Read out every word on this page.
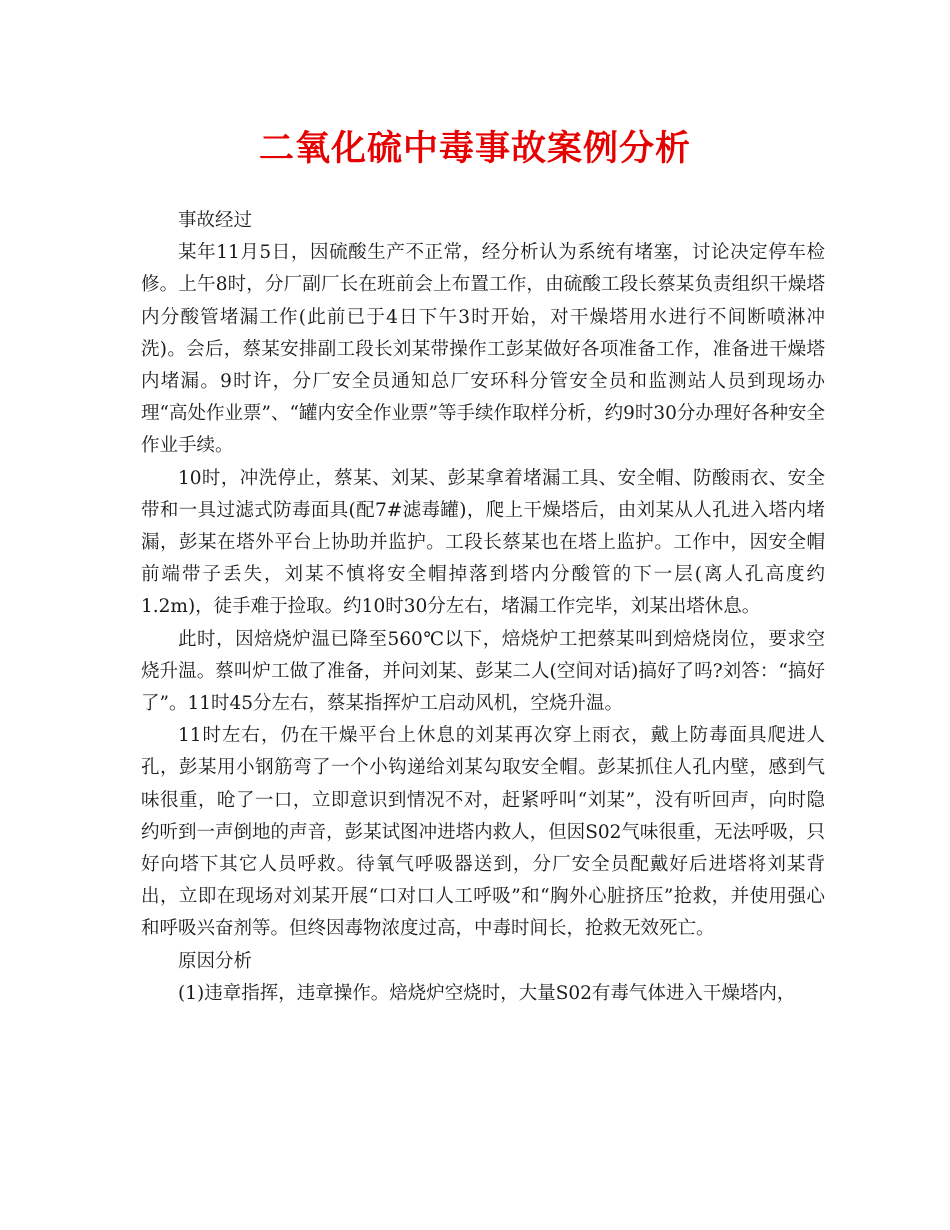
二氧化硫中毒事故案例分析

事故经过

某年11月5日，因硫酸生产不正常，经分析认为系统有堵塞，讨论决定停车检修。上午8时，分厂副厂长在班前会上布置工作，由硫酸工段长蔡某负责组织干燥塔内分酸管堵漏工作(此前已于4日下午3时开始，对干燥塔用水进行不间断喷淋冲洗)。会后，蔡某安排副工段长刘某带操作工彭某做好各项准备工作，准备进干燥塔内堵漏。9时许，分厂安全员通知总厂安环科分管安全员和监测站人员到现场办理“高处作业票”、“罐内安全作业票”等手续作取样分析，约9时30分办理好各种安全作业手续。

10时，冲洗停止，蔡某、刘某、彭某拿着堵漏工具、安全帽、防酸雨衣、安全带和一具过滤式防毒面具(配7#滤毒罐)，爬上干燥塔后，由刘某从人孔进入塔内堵漏，彭某在塔外平台上协助并监护。工段长蔡某也在塔上监护。工作中，因安全帽前端带子丢失，刘某不慎将安全帽掉落到塔内分酸管的下一层(离人孔高度约1.2m)，徒手难于捡取。约10时30分左右，堵漏工作完毕，刘某出塔休息。

此时，因焙烧炉温已降至560℃以下，焙烧炉工把蔡某叫到焙烧岗位，要求空烧升温。蔡叫炉工做了准备，并问刘某、彭某二人(空间对话)搞好了吗?刘答：“搞好了”。11时45分左右，蔡某指挥炉工启动风机，空烧升温。

11时左右，仍在干燥平台上休息的刘某再次穿上雨衣，戴上防毒面具爬进人孔，彭某用小钢筋弯了一个小钩递给刘某勾取安全帽。彭某抓住人孔内壁，感到气味很重，呛了一口，立即意识到情况不对，赶紧呼叫“刘某”，没有听回声，向时隐约听到一声倒地的声音，彭某试图冲进塔内救人，但因S02气味很重，无法呼吸，只好向塔下其它人员呼救。待氧气呼吸器送到，分厂安全员配戴好后进塔将刘某背出，立即在现场对刘某开展“口对口人工呼吸”和“胸外心脏挤压”抢救，并使用强心和呼吸兴奋剂等。但终因毒物浓度过高，中毒时间长，抢救无效死亡。

原因分析

(1)违章指挥，违章操作。焙烧炉空烧时，大量S02有毒气体进入干燥塔内，
